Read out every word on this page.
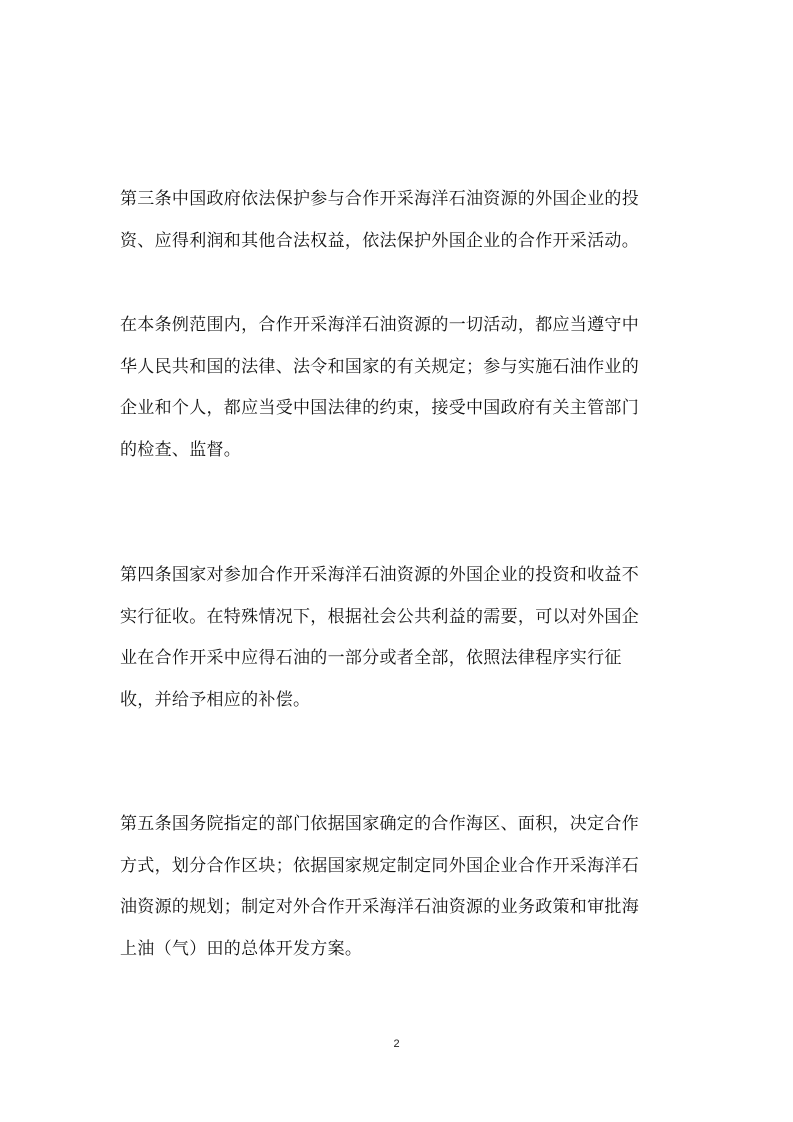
第三条中国政府依法保护参与合作开采海洋石油资源的外国企业的投
资、应得利润和其他合法权益，依法保护外国企业的合作开采活动。

在本条例范围内，合作开采海洋石油资源的一切活动，都应当遵守中
华人民共和国的法律、法令和国家的有关规定；参与实施石油作业的
企业和个人，都应当受中国法律的约束，接受中国政府有关主管部门
的检查、监督。

第四条国家对参加合作开采海洋石油资源的外国企业的投资和收益不
实行征收。在特殊情况下，根据社会公共利益的需要，可以对外国企
业在合作开采中应得石油的一部分或者全部，依照法律程序实行征
收，并给予相应的补偿。

第五条国务院指定的部门依据国家确定的合作海区、面积，决定合作
方式，划分合作区块；依据国家规定制定同外国企业合作开采海洋石
油资源的规划；制定对外合作开采海洋石油资源的业务政策和审批海
上油（气）田的总体开发方案。

2
